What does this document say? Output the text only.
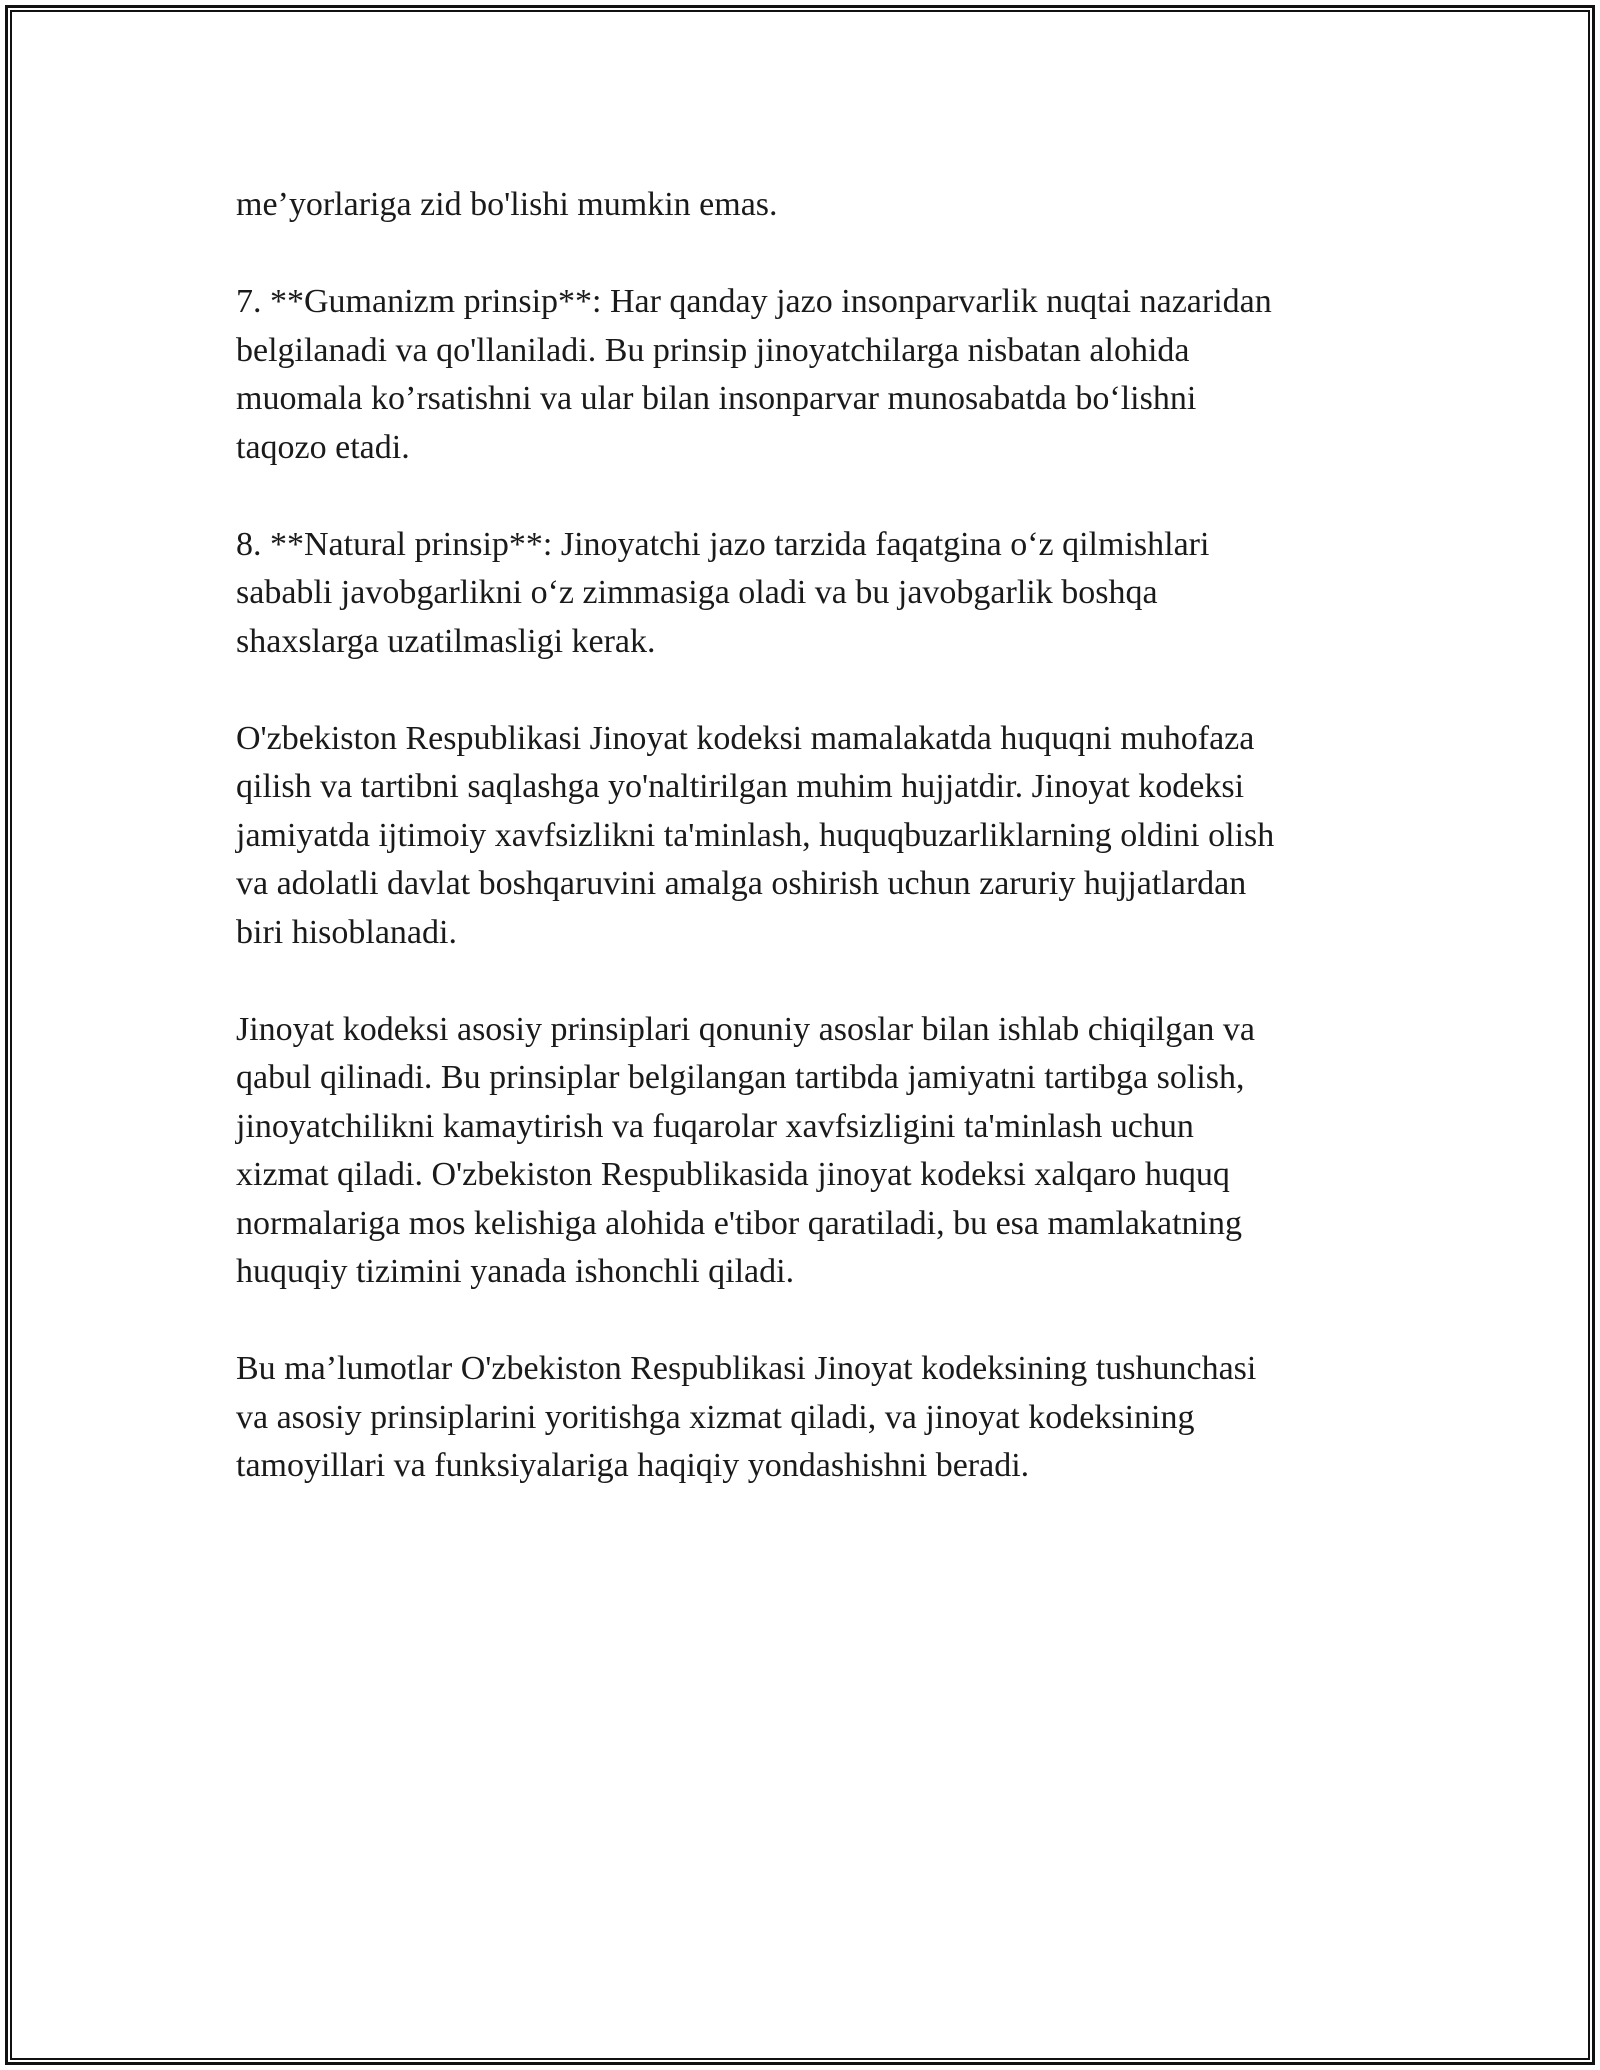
me’yorlariga zid bo'lishi mumkin emas.

7. **Gumanizm prinsip**: Har qanday jazo insonparvarlik nuqtai nazaridan
belgilanadi va qo'llaniladi. Bu prinsip jinoyatchilarga nisbatan alohida
muomala ko’rsatishni va ular bilan insonparvar munosabatda bo‘lishni
taqozo etadi.

8. **Natural prinsip**: Jinoyatchi jazo tarzida faqatgina o‘z qilmishlari
sababli javobgarlikni o‘z zimmasiga oladi va bu javobgarlik boshqa
shaxslarga uzatilmasligi kerak.

O'zbekiston Respublikasi Jinoyat kodeksi mamalakatda huquqni muhofaza
qilish va tartibni saqlashga yo'naltirilgan muhim hujjatdir. Jinoyat kodeksi
jamiyatda ijtimoiy xavfsizlikni ta'minlash, huquqbuzarliklarning oldini olish
va adolatli davlat boshqaruvini amalga oshirish uchun zaruriy hujjatlardan
biri hisoblanadi.

Jinoyat kodeksi asosiy prinsiplari qonuniy asoslar bilan ishlab chiqilgan va
qabul qilinadi. Bu prinsiplar belgilangan tartibda jamiyatni tartibga solish,
jinoyatchilikni kamaytirish va fuqarolar xavfsizligini ta'minlash uchun
xizmat qiladi. O'zbekiston Respublikasida jinoyat kodeksi xalqaro huquq
normalariga mos kelishiga alohida e'tibor qaratiladi, bu esa mamlakatning
huquqiy tizimini yanada ishonchli qiladi.

Bu ma’lumotlar O'zbekiston Respublikasi Jinoyat kodeksining tushunchasi
va asosiy prinsiplarini yoritishga xizmat qiladi, va jinoyat kodeksining
tamoyillari va funksiyalariga haqiqiy yondashishni beradi.
